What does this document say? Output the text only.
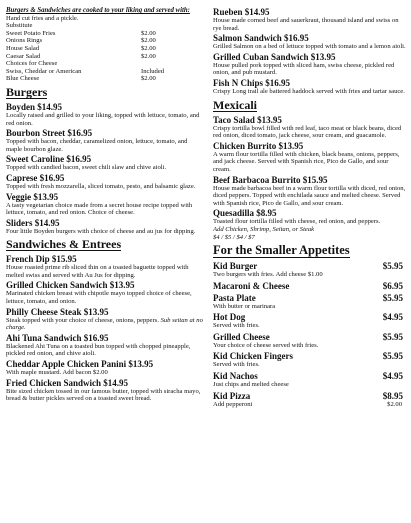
Burgers & Sandwiches are cooked to your liking and served with:

Hand cut fries and a pickle.

Substitute

Sweet Potato Fries	$2.00
Onions Rings	$2.00
House Salad	$2.00
Caesar Salad	$2.00

Choices for Cheese

Swiss, Cheddar or American	Included
Blue Cheese	$2.00
Burgers

Boyden $14.95

Locally raised and grilled to your liking, topped with lettuce, tomato, and red onion.

Bourbon Street $16.95

Topped with bacon, cheddar, caramelized onion, lettuce, tomato, and maple bourbon glaze.

Sweet Caroline $16.95

Topped with candied bacon, sweet chili slaw and chive aioli.

Caprese $16.95

Topped with fresh mozzarella, sliced tomato, pesto, and balsamic glaze.

Veggie $13.95

A tasty vegetarian choice made from a secret house recipe topped with lettuce, tomato, and red onion. Choice of cheese.

Sliders $14.95

Four little Boyden burgers with choice of cheese and au jus for dipping.

Sandwiches & Entrees

French Dip $15.95

House roasted prime rib sliced thin on a toasted baguette topped with melted swiss and served with Au Jus for dipping.

Grilled Chicken Sandwich $13.95

Marinated chicken breast with chipotle mayo topped choice of cheese, lettuce, tomato, and onion.

Philly Cheese Steak $13.95

Steak topped with your choice of cheese, onions, peppers. Sub seitan at no charge.

Ahi Tuna Sandwich $16.95

Blackened Ahi Tuna on a toasted bun topped with chopped pineapple, pickled red onion, and chive aioli.

Cheddar Apple Chicken Panini $13.95

With maple mustard. Add bacon $2.00

Fried Chicken Sandwich $14.95

Bite sized chicken tossed in our famous butter, topped with siracha mayo, bread & butter pickles served on a toasted sweet bread.

Rueben $14.95

House made corned beef and sauerkraut, thousand island and swiss on rye bread.

Salmon Sandwich $16.95

Grilled Salmon on a bed of lettuce topped with tomato and a lemon aioli.

Grilled Cuban Sandwich $13.95

House pulled pork topped with sliced ham, swiss cheese, pickled red onion, and pub mustard.

Fish N Chips $16.95

Crispy Long trail ale battered haddock served with fries and tartar sauce.

Mexicali

Taco Salad $13.95

Crispy tortilla bowl filled with red leaf, taco meat or black beans, diced red onion, diced tomato, jack cheese, sour cream, and guacamole.

Chicken Burrito $13.95

A warm flour tortilla filled with chicken, black beans, onions, peppers, and jack cheese. Served with Spanish rice, Pico de Gallo, and sour cream.

Beef Barbacoa Burrito $15.95

House made barbacoa beef in a warm flour tortilla with diced, red onion, diced peppers. Topped with enchilada sauce and melted cheese. Served with Spanish rice, Pico de Gallo, and sour cream.

Quesadilla $8.95

Toasted flour tortilla filled with cheese, red onion, and peppers.

Add Chicken, Shrimp, Seitan, or Steak

$4 / $5 / $4 / $7

For the Smaller Appetites
Kid Burger	$5.95

Two burgers with fries. Add cheese $1.00

Macaroni & Cheese	$6.95
Pasta Plate	$5.95

With butter or marinara

Hot Dog	$4.95

Served with fries.

Grilled Cheese	$5.95

Your choice of cheese served with fries.

Kid Chicken Fingers	$5.95

Served with fries.

Kid Nachos	$4.95

Just chips and melted cheese

Kid Pizza	$8.95
Add pepperoni	$2.00
